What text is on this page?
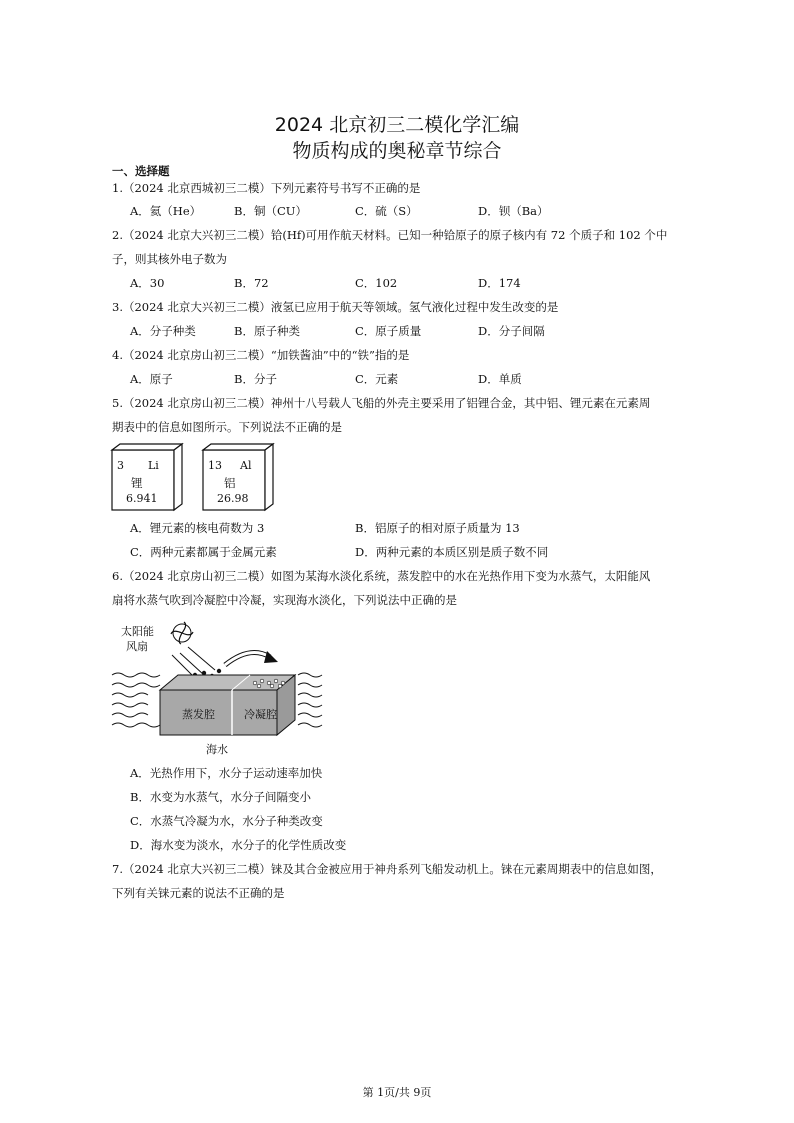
2024 北京初三二模化学汇编
物质构成的奥秘章节综合
一、选择题
1.（2024 北京西城初三二模）下列元素符号书写不正确的是
A．氦（He）	B．铜（CU）	C．硫（S）	D．钡（Ba）
2.（2024 北京大兴初三二模）铪(Hf)可用作航天材料。已知一种铪原子的原子核内有 72 个质子和 102 个中
子，则其核外电子数为
A．30	B．72	C．102	D．174
3.（2024 北京大兴初三二模）液氢已应用于航天等领域。氢气液化过程中发生改变的是
A．分子种类	B．原子种类	C．原子质量	D．分子间隔
4.（2024 北京房山初三二模）“加铁酱油”中的“铁”指的是
A．原子	B．分子	C．元素	D．单质
5.（2024 北京房山初三二模）神州十八号载人飞船的外壳主要采用了铝锂合金，其中铝、锂元素在元素周
期表中的信息如图所示。下列说法不正确的是
3 Li
锂
6.941
13 Al
铝
26.98
A．锂元素的核电荷数为 3	B．铝原子的相对原子质量为 13
C．两种元素都属于金属元素	D．两种元素的本质区别是质子数不同
6.（2024 北京房山初三二模）如图为某海水淡化系统，蒸发腔中的水在光热作用下变为水蒸气，太阳能风
扇将水蒸气吹到冷凝腔中冷凝，实现海水淡化，下列说法中正确的是
太阳能
风扇
蒸发腔	冷凝腔
海水
A．光热作用下，水分子运动速率加快
B．水变为水蒸气，水分子间隔变小
C．水蒸气冷凝为水，水分子种类改变
D．海水变为淡水，水分子的化学性质改变
7.（2024 北京大兴初三二模）铼及其合金被应用于神舟系列飞船发动机上。铼在元素周期表中的信息如图，
下列有关铼元素的说法不正确的是
第 1页/共 9页
